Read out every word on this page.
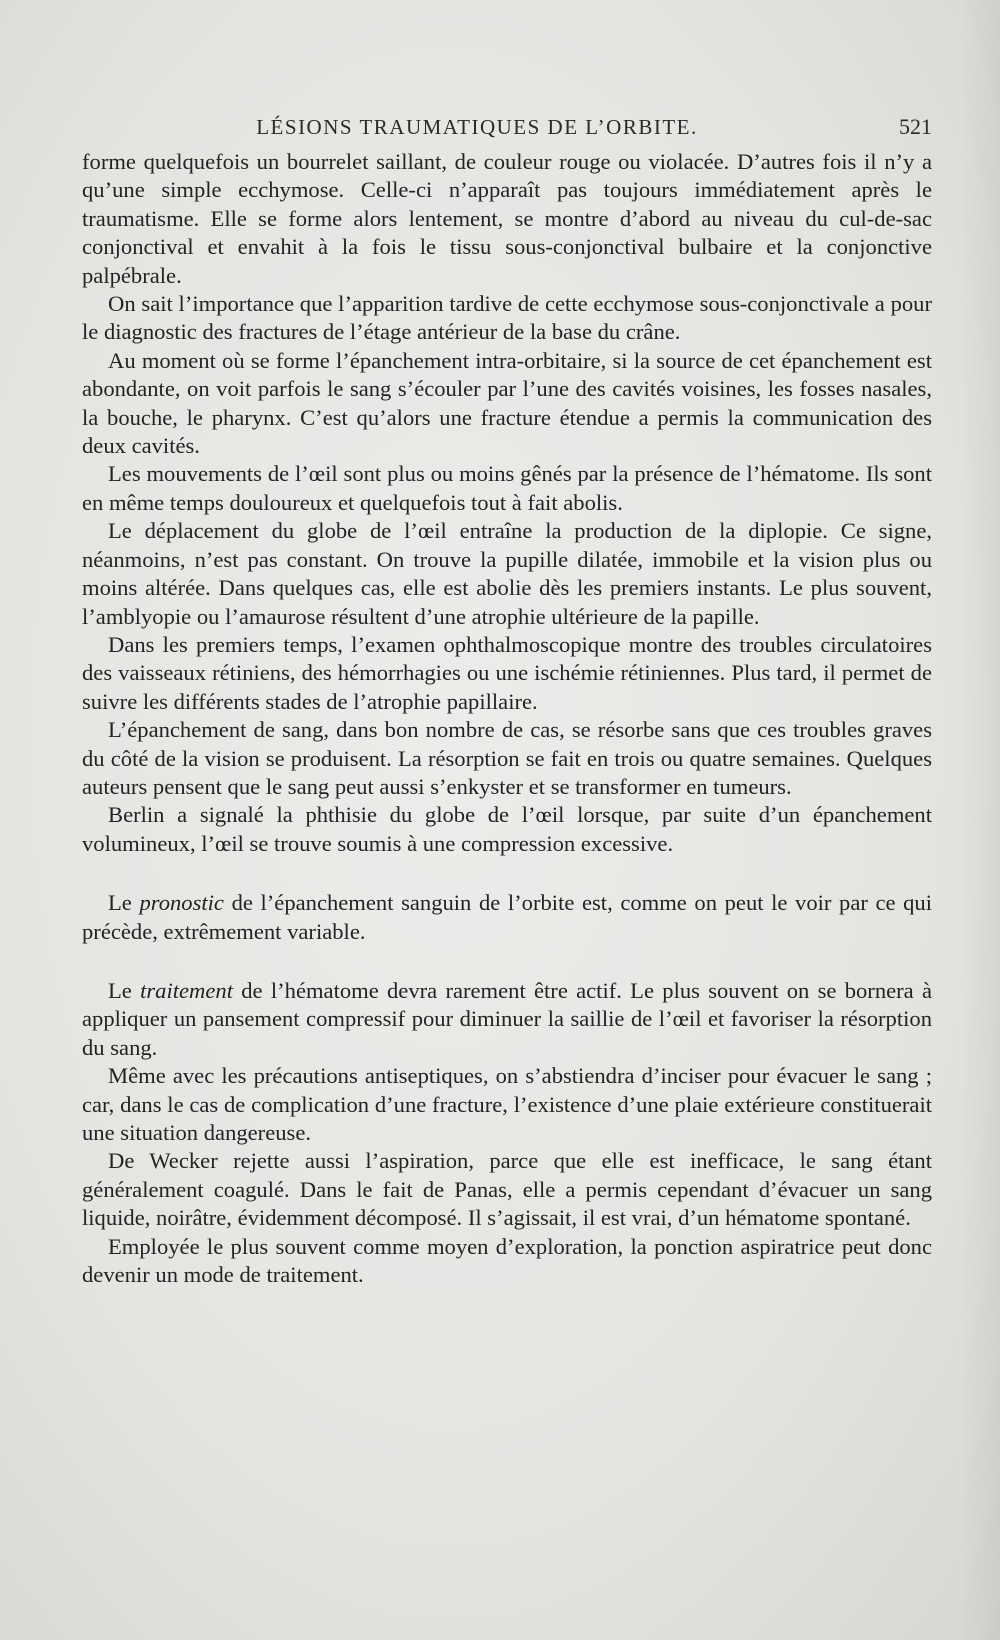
LÉSIONS TRAUMATIQUES DE L’ORBITE.	521

forme quelquefois un bourrelet saillant, de couleur rouge ou violacée. D’autres fois il n’y a qu’une simple ecchymose. Celle-ci n’apparaît pas toujours immédiatement après le traumatisme. Elle se forme alors lentement, se montre d’abord au niveau du cul-de-sac conjonctival et envahit à la fois le tissu sous-conjonctival bulbaire et la conjonctive palpébrale.

On sait l’importance que l’apparition tardive de cette ecchymose sous-conjonctivale a pour le diagnostic des fractures de l’étage antérieur de la base du crâne.

Au moment où se forme l’épanchement intra-orbitaire, si la source de cet épanchement est abondante, on voit parfois le sang s’écouler par l’une des cavités voisines, les fosses nasales, la bouche, le pharynx. C’est qu’alors une fracture étendue a permis la communication des deux cavités.

Les mouvements de l’œil sont plus ou moins gênés par la présence de l’hématome. Ils sont en même temps douloureux et quelquefois tout à fait abolis.

Le déplacement du globe de l’œil entraîne la production de la diplopie. Ce signe, néanmoins, n’est pas constant. On trouve la pupille dilatée, immobile et la vision plus ou moins altérée. Dans quelques cas, elle est abolie dès les premiers instants. Le plus souvent, l’amblyopie ou l’amaurose résultent d’une atrophie ultérieure de la papille.

Dans les premiers temps, l’examen ophthalmoscopique montre des troubles circulatoires des vaisseaux rétiniens, des hémorrhagies ou une ischémie rétiniennes. Plus tard, il permet de suivre les différents stades de l’atrophie papillaire.

L’épanchement de sang, dans bon nombre de cas, se résorbe sans que ces troubles graves du côté de la vision se produisent. La résorption se fait en trois ou quatre semaines. Quelques auteurs pensent que le sang peut aussi s’enkyster et se transformer en tumeurs.

Berlin a signalé la phthisie du globe de l’œil lorsque, par suite d’un épanchement volumineux, l’œil se trouve soumis à une compression excessive.

Le pronostic de l’épanchement sanguin de l’orbite est, comme on peut le voir par ce qui précède, extrêmement variable.

Le traitement de l’hématome devra rarement être actif. Le plus souvent on se bornera à appliquer un pansement compressif pour diminuer la saillie de l’œil et favoriser la résorption du sang.

Même avec les précautions antiseptiques, on s’abstiendra d’inciser pour évacuer le sang ; car, dans le cas de complication d’une fracture, l’existence d’une plaie extérieure constituerait une situation dangereuse.

De Wecker rejette aussi l’aspiration, parce que elle est inefficace, le sang étant généralement coagulé. Dans le fait de Panas, elle a permis cependant d’évacuer un sang liquide, noirâtre, évidemment décomposé. Il s’agissait, il est vrai, d’un hématome spontané.

Employée le plus souvent comme moyen d’exploration, la ponction aspiratrice peut donc devenir un mode de traitement.
